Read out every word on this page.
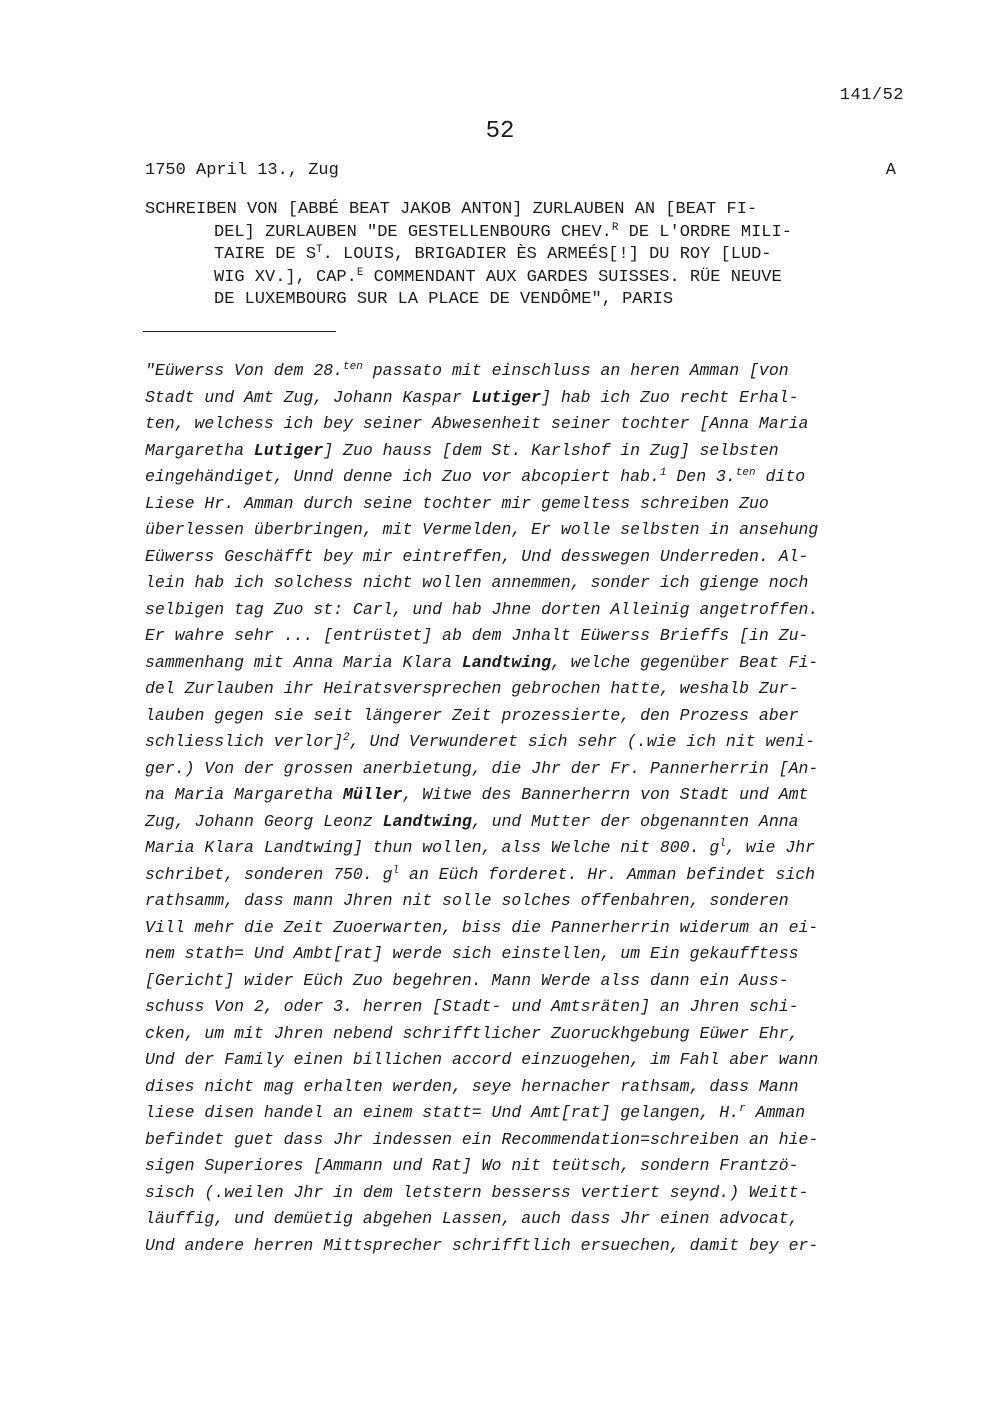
141/52
52
1750 April 13., Zug	A
SCHREIBEN VON [ABBÉ BEAT JAKOB ANTON] ZURLAUBEN AN [BEAT FI-
DEL] ZURLAUBEN "DE GESTELLENBOURG CHEV.$^R$ DE L'ORDRE MILI-
TAIRE DE $S^T$. LOUIS, BRIGADIER ÈS ARMEÉS[!] DU ROY [LUD-
WIG XV.], CAP.$^E$ COMMENDANT AUX GARDES SUISSES. RÜE NEUVE
DE LUXEMBOURG SUR LA PLACE DE VENDÔME", PARIS
"Eüwerss Von dem 28.$^{ten}$ passato mit einschluss an heren Amman [von
Stadt und Amt Zug, Johann Kaspar Lutiger] hab ich Zuo recht Erhal-
ten, welchess ich bey seiner Abwesenheit seiner tochter [Anna Maria
Margaretha Lutiger] Zuo hauss [dem St. Karlshof in Zug] selbsten
eingehändiget, Unnd denne ich Zuo vor abcopiert hab.$^1$ Den 3.$^{ten}$ dito
Liese Hr. Amman durch seine tochter mir gemeltess schreiben Zuo
überlessen überbringen, mit Vermelden, Er wolle selbsten in ansehung
Eüwerss Geschäfft bey mir eintreffen, Und desswegen Underreden. Al-
lein hab ich solchess nicht wollen annemmen, sonder ich gienge noch
selbigen tag Zuo st: Carl, und hab Jhne dorten Alleinig angetroffen.
Er wahre sehr ... [entrüstet] ab dem Jnhalt Eüwerss Brieffs [in Zu-
sammenhang mit Anna Maria Klara Landtwing, welche gegenüber Beat Fi-
del Zurlauben ihr Heiratsversprechen gebrochen hatte, weshalb Zur-
lauben gegen sie seit längerer Zeit prozessierte, den Prozess aber
schliesslich verlor]$^2$, Und Verwunderet sich sehr (.wie ich nit weni-
ger.) Von der grossen anerbietung, die Jhr der Fr. Pannerherrin [An-
na Maria Margaretha Müller, Witwe des Bannerherrn von Stadt und Amt
Zug, Johann Georg Leonz Landtwing, und Mutter der obgenannten Anna
Maria Klara Landtwing] thun wollen, alss Welche nit 800. $g^l$, wie Jhr
schribet, sonderen 750. $g^l$ an Eüch forderet. Hr. Amman befindet sich
rathsamm, dass mann Jhren nit solle solches offenbahren, sonderen
Vill mehr die Zeit Zuoerwarten, biss die Pannerherrin widerum an ei-
nem stath= Und Ambt[rat] werde sich einstellen, um Ein gekaufftess
[Gericht] wider Eüch Zuo begehren. Mann Werde alss dann ein Auss-
schuss Von 2, oder 3. herren [Stadt- und Amtsräten] an Jhren schi-
cken, um mit Jhren nebend schrifftlicher Zuoruckhgebung Eüwer Ehr,
Und der Family einen billichen accord einzuogehen, im Fahl aber wann
dises nicht mag erhalten werden, seye hernacher rathsam, dass Mann
liese disen handel an einem statt= Und Amt[rat] gelangen, H.$^r$ Amman
befindet guet dass Jhr indessen ein Recommendation=schreiben an hie-
sigen Superiores [Ammann und Rat] Wo nit teütsch, sondern Frantzö-
sisch (.weilen Jhr in dem letstern besserss vertiert seynd.) Weitt-
läuffig, und demüetig abgehen Lassen, auch dass Jhr einen advocat,
Und andere herren Mittsprecher schrifftlich ersuechen, damit bey er-
